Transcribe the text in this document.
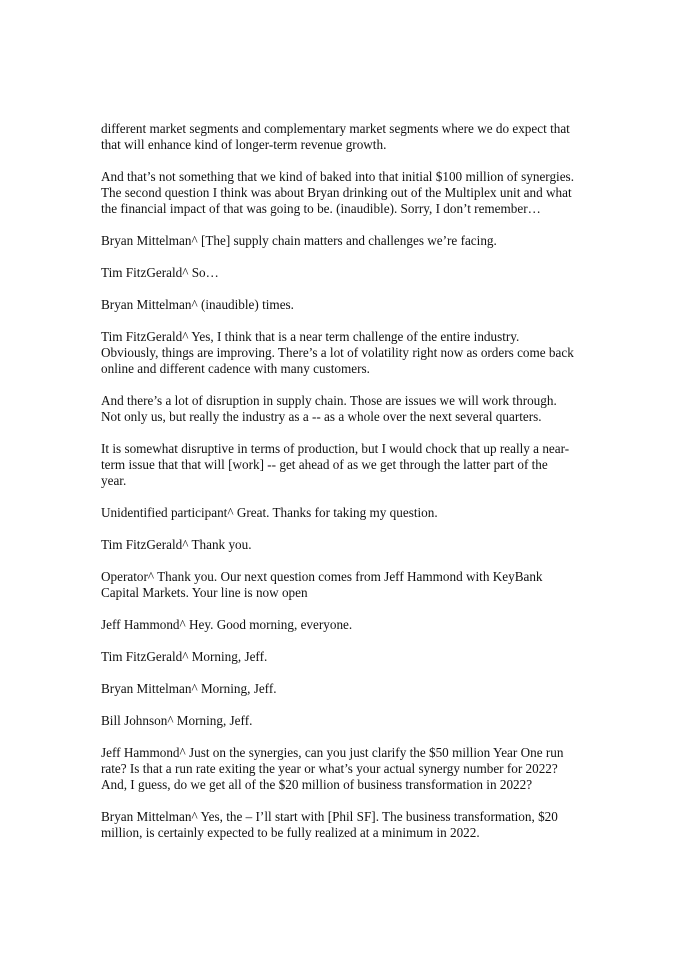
different market segments and complementary market segments where we do expect that
that will enhance kind of longer-term revenue growth.

And that’s not something that we kind of baked into that initial $100 million of synergies.
The second question I think was about Bryan drinking out of the Multiplex unit and what
the financial impact of that was going to be. (inaudible). Sorry, I don’t remember…

Bryan Mittelman^ [The] supply chain matters and challenges we’re facing.

Tim FitzGerald^ So…

Bryan Mittelman^ (inaudible) times.

Tim FitzGerald^ Yes, I think that is a near term challenge of the entire industry.
Obviously, things are improving. There’s a lot of volatility right now as orders come back
online and different cadence with many customers.

And there’s a lot of disruption in supply chain. Those are issues we will work through.
Not only us, but really the industry as a -- as a whole over the next several quarters.

It is somewhat disruptive in terms of production, but I would chock that up really a near-
term issue that that will [work] -- get ahead of as we get through the latter part of the
year.

Unidentified participant^ Great. Thanks for taking my question.

Tim FitzGerald^ Thank you.

Operator^ Thank you. Our next question comes from Jeff Hammond with KeyBank
Capital Markets. Your line is now open

Jeff Hammond^ Hey. Good morning, everyone.

Tim FitzGerald^ Morning, Jeff.

Bryan Mittelman^ Morning, Jeff.

Bill Johnson^ Morning, Jeff.

Jeff Hammond^ Just on the synergies, can you just clarify the $50 million Year One run
rate? Is that a run rate exiting the year or what’s your actual synergy number for 2022?
And, I guess, do we get all of the $20 million of business transformation in 2022?

Bryan Mittelman^ Yes, the – I’ll start with [Phil SF]. The business transformation, $20
million, is certainly expected to be fully realized at a minimum in 2022.
